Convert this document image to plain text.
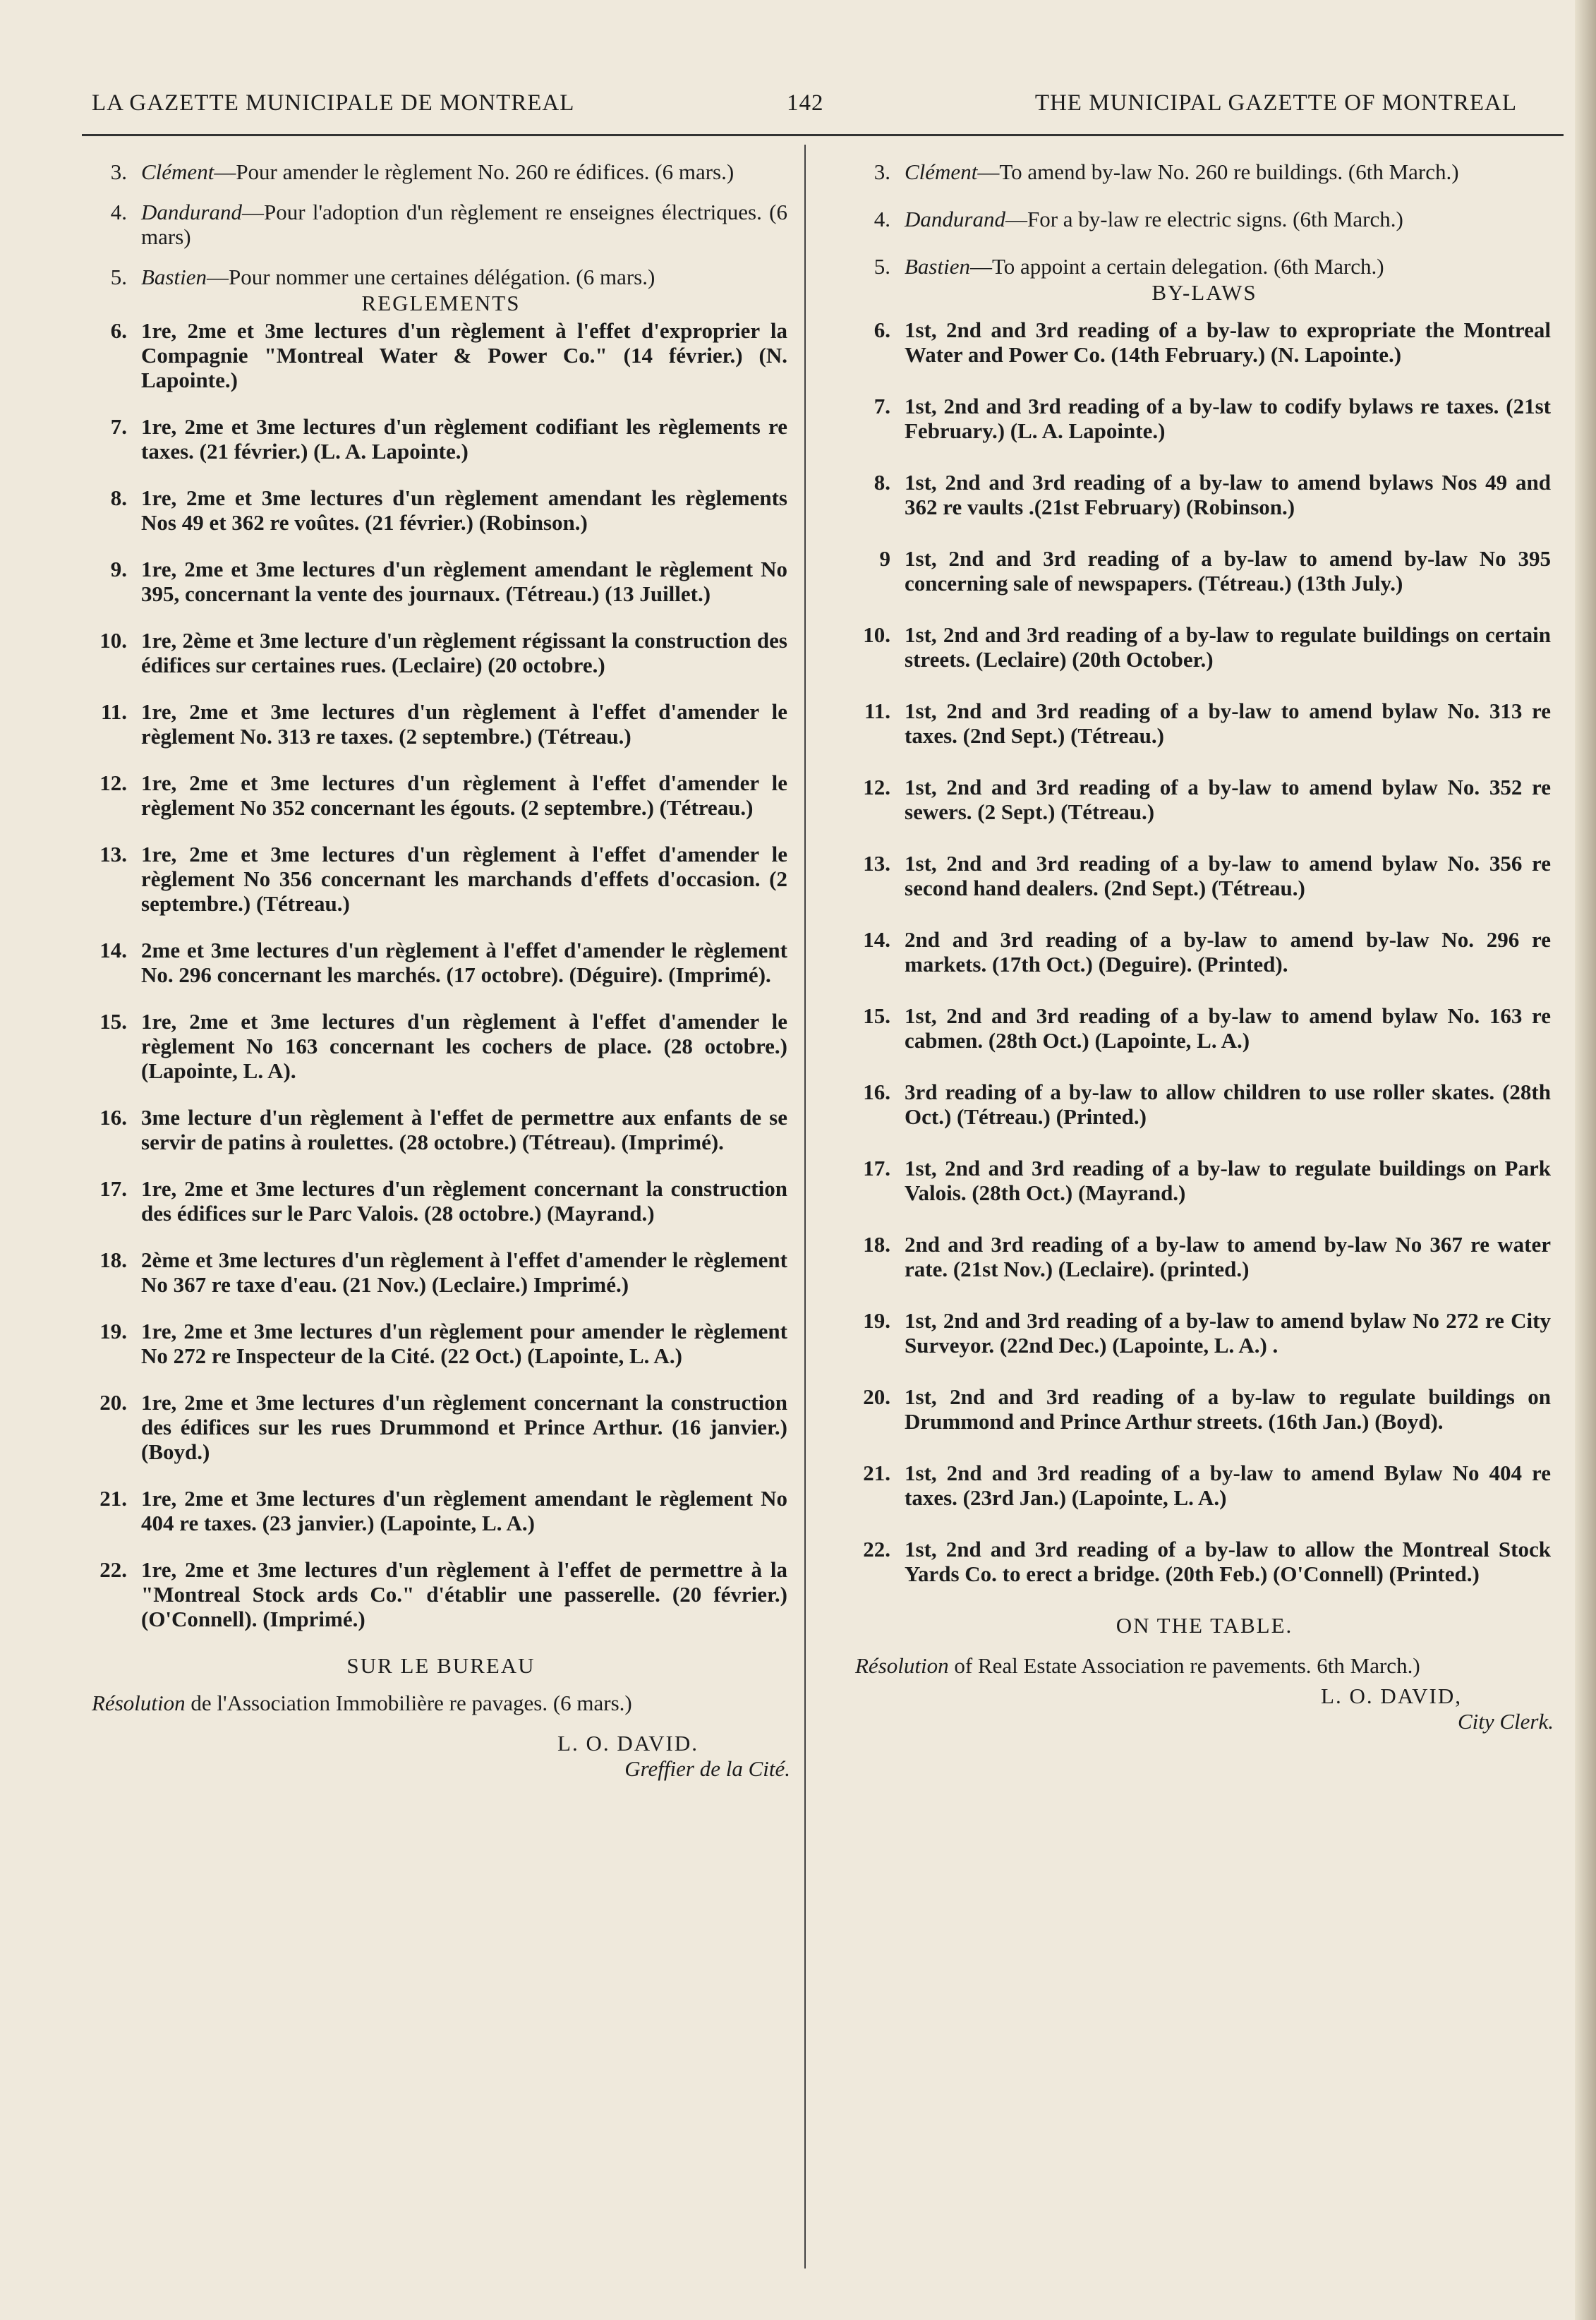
LA GAZETTE MUNICIPALE DE MONTREAL	142	THE MUNICIPAL GAZETTE OF MONTREAL
3. Clément—Pour amender le règlement No. 260 re édifices. (6 mars.)
4. Dandurand—Pour l'adoption d'un règlement re enseignes électriques. (6 mars)
5. Bastien—Pour nommer une certaines délégation. (6 mars.)
REGLEMENTS
6. 1re, 2me et 3me lectures d'un règlement à l'effet d'exproprier la Compagnie "Montreal Water & Power Co." (14 février.) (N. Lapointe.)
7. 1re, 2me et 3me lectures d'un règlement codifiant les règlements re taxes. (21 février.) (L. A. Lapointe.)
8. 1re, 2me et 3me lectures d'un règlement amendant les règlements Nos 49 et 362 re voûtes. (21 février.) (Robinson.)
9. 1re, 2me et 3me lectures d'un règlement amendant le règlement No 395, concernant la vente des journaux. (Tétreau.) (13 Juillet.)
10. 1re, 2ème et 3me lecture d'un règlement régissant la construction des édifices sur certaines rues. (Leclaire) (20 octobre.)
11. 1re, 2me et 3me lectures d'un règlement à l'effet d'amender le règlement No. 313 re taxes. (2 septembre.) (Tétreau.)
12. 1re, 2me et 3me lectures d'un règlement à l'effet d'amender le règlement No 352 concernant les égouts. (2 septembre.) (Tétreau.)
13. 1re, 2me et 3me lectures d'un règlement à l'effet d'amender le règlement No 356 concernant les marchands d'effets d'occasion. (2 septembre.) (Tétreau.)
14. 2me et 3me lectures d'un règlement à l'effet d'amender le règlement No. 296 concernant les marchés. (17 octobre). (Déguire). (Imprimé).
15. 1re, 2me et 3me lectures d'un règlement à l'effet d'amender le règlement No 163 concernant les cochers de place. (28 octobre.) (Lapointe, L. A).
16. 3me lecture d'un règlement à l'effet de permettre aux enfants de se servir de patins à roulettes. (28 octobre.) (Tétreau). (Imprimé).
17. 1re, 2me et 3me lectures d'un règlement concernant la construction des édifices sur le Parc Valois. (28 octobre.) (Mayrand.)
18. 2ème et 3me lectures d'un règlement à l'effet d'amender le règlement No 367 re taxe d'eau. (21 Nov.) (Leclaire.) Imprimé.)
19. 1re, 2me et 3me lectures d'un règlement pour amender le règlement No 272 re Inspecteur de la Cité. (22 Oct.) (Lapointe, L. A.)
20. 1re, 2me et 3me lectures d'un règlement concernant la construction des édifices sur les rues Drummond et Prince Arthur. (16 janvier.) (Boyd.)
21. 1re, 2me et 3me lectures d'un règlement amendant le règlement No 404 re taxes. (23 janvier.) (Lapointe, L. A.)
22. 1re, 2me et 3me lectures d'un règlement à l'effet de permettre à la "Montreal Stock ards Co." d'établir une passerelle. (20 février.) (O'Connell). (Imprimé.)
SUR LE BUREAU
Résolution de l'Association Immobilière re pavages. (6 mars.)
L. O. DAVID.
Greffier de la Cité.
3. Clément—To amend by-law No. 260 re buildings. (6th March.)
4. Dandurand—For a by-law re electric signs. (6th March.)
5. Bastien—To appoint a certain delegation. (6th March.)
BY-LAWS
6. 1st, 2nd and 3rd reading of a by-law to expropriate the Montreal Water and Power Co. (14th February.) (N. Lapointe.)
7. 1st, 2nd and 3rd reading of a by-law to codify bylaws re taxes. (21st February.) (L. A. Lapointe.)
8. 1st, 2nd and 3rd reading of a by-law to amend bylaws Nos 49 and 362 re vaults .(21st February) (Robinson.)
9 1st, 2nd and 3rd reading of a by-law to amend by-law No 395 concerning sale of newspapers. (Tétreau.) (13th July.)
10. 1st, 2nd and 3rd reading of a by-law to regulate buildings on certain streets. (Leclaire) (20th October.)
11. 1st, 2nd and 3rd reading of a by-law to amend bylaw No. 313 re taxes. (2nd Sept.) (Tétreau.)
12. 1st, 2nd and 3rd reading of a by-law to amend bylaw No. 352 re sewers. (2 Sept.) (Tétreau.)
13. 1st, 2nd and 3rd reading of a by-law to amend bylaw No. 356 re second hand dealers. (2nd Sept.) (Tétreau.)
14. 2nd and 3rd reading of a by-law to amend by-law No. 296 re markets. (17th Oct.) (Deguire). (Printed).
15. 1st, 2nd and 3rd reading of a by-law to amend bylaw No. 163 re cabmen. (28th Oct.) (Lapointe, L. A.)
16. 3rd reading of a by-law to allow children to use roller skates. (28th Oct.) (Tétreau.) (Printed.)
17. 1st, 2nd and 3rd reading of a by-law to regulate buildings on Park Valois. (28th Oct.) (Mayrand.)
18. 2nd and 3rd reading of a by-law to amend by-law No 367 re water rate. (21st Nov.) (Leclaire). (printed.)
19. 1st, 2nd and 3rd reading of a by-law to amend bylaw No 272 re City Surveyor. (22nd Dec.) (Lapointe, L. A.) .
20. 1st, 2nd and 3rd reading of a by-law to regulate buildings on Drummond and Prince Arthur streets. (16th Jan.) (Boyd).
21. 1st, 2nd and 3rd reading of a by-law to amend Bylaw No 404 re taxes. (23rd Jan.) (Lapointe, L. A.)
22. 1st, 2nd and 3rd reading of a by-law to allow the Montreal Stock Yards Co. to erect a bridge. (20th Feb.) (O'Connell) (Printed.)
ON THE TABLE.
Résolution of Real Estate Association re pavements. 6th March.)
L. O. DAVID,
City Clerk.
